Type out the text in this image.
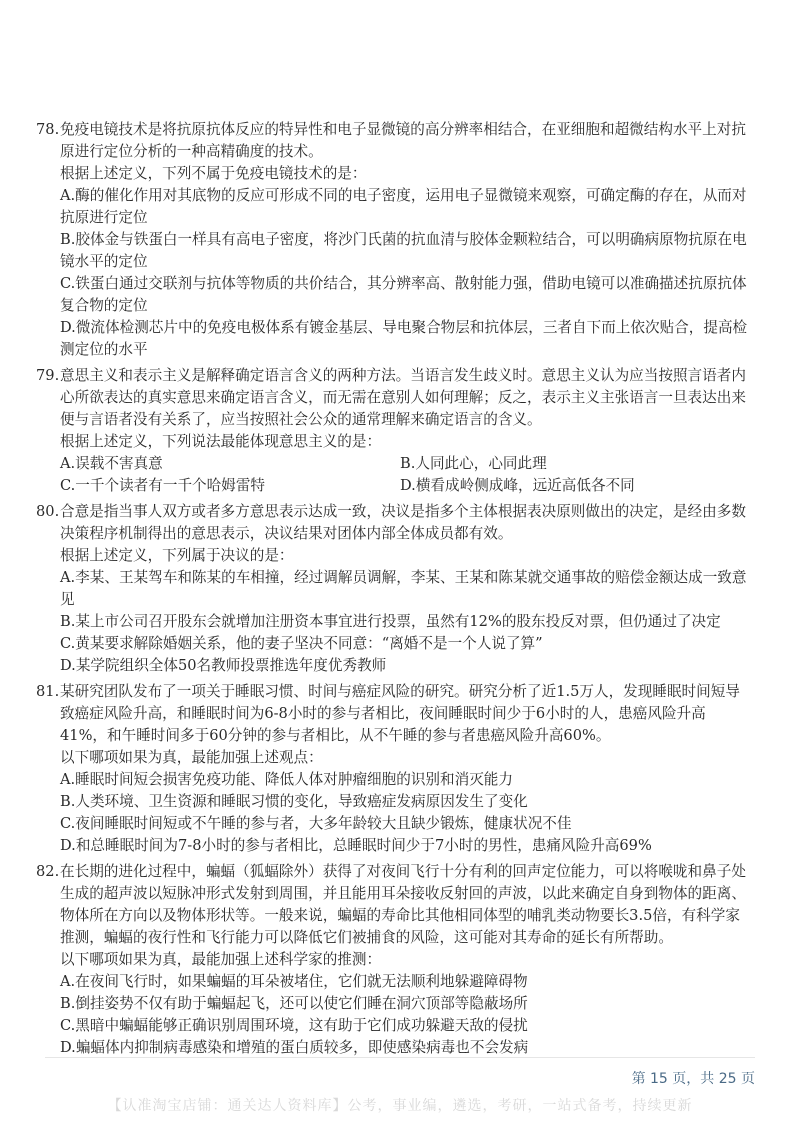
78. 免疫电镜技术是将抗原抗体反应的特异性和电子显微镜的高分辨率相结合，在亚细胞和超微结构水平上对抗原进行定位分析的一种高精确度的技术。
根据上述定义，下列不属于免疫电镜技术的是：
A.酶的催化作用对其底物的反应可形成不同的电子密度，运用电子显微镜来观察，可确定酶的存在，从而对抗原进行定位
B.胶体金与铁蛋白一样具有高电子密度，将沙门氏菌的抗血清与胶体金颗粒结合，可以明确病原物抗原在电镜水平的定位
C.铁蛋白通过交联剂与抗体等物质的共价结合，其分辨率高、散射能力强，借助电镜可以准确描述抗原抗体复合物的定位
D.微流体检测芯片中的免疫电极体系有镀金基层、导电聚合物层和抗体层，三者自下而上依次贴合，提高检测定位的水平
79. 意思主义和表示主义是解释确定语言含义的两种方法。当语言发生歧义时。意思主义认为应当按照言语者内心所欲表达的真实意思来确定语言含义，而无需在意别人如何理解；反之，表示主义主张语言一旦表达出来便与言语者没有关系了，应当按照社会公众的通常理解来确定语言的含义。
根据上述定义，下列说法最能体现意思主义的是：
A.误载不害真意	B.人同此心，心同此理
C.一千个读者有一千个哈姆雷特	D.横看成岭侧成峰，远近高低各不同
80. 合意是指当事人双方或者多方意思表示达成一致，决议是指多个主体根据表决原则做出的决定，是经由多数决策程序机制得出的意思表示，决议结果对团体内部全体成员都有效。
根据上述定义，下列属于决议的是：
A.李某、王某驾车和陈某的车相撞，经过调解员调解，李某、王某和陈某就交通事故的赔偿金额达成一致意见
B.某上市公司召开股东会就增加注册资本事宜进行投票，虽然有12%的股东投反对票，但仍通过了决定
C.黄某要求解除婚姻关系，他的妻子坚决不同意：“离婚不是一个人说了算”
D.某学院组织全体50名教师投票推选年度优秀教师
81. 某研究团队发布了一项关于睡眠习惯、时间与癌症风险的研究。研究分析了近1.5万人，发现睡眠时间短导致癌症风险升高，和睡眠时间为6-8小时的参与者相比，夜间睡眠时间少于6小时的人，患癌风险升高41%，和午睡时间多于60分钟的参与者相比，从不午睡的参与者患癌风险升高60%。
以下哪项如果为真，最能加强上述观点：
A.睡眠时间短会损害免疫功能、降低人体对肿瘤细胞的识别和消灭能力
B.人类环境、卫生资源和睡眠习惯的变化，导致癌症发病原因发生了变化
C.夜间睡眠时间短或不午睡的参与者，大多年龄较大且缺少锻炼，健康状况不佳
D.和总睡眠时间为7-8小时的参与者相比，总睡眠时间少于7小时的男性，患痛风险升高69%
82. 在长期的进化过程中，蝙蝠（狐蝠除外）获得了对夜间飞行十分有利的回声定位能力，可以将喉咙和鼻子处生成的超声波以短脉冲形式发射到周围，并且能用耳朵接收反射回的声波，以此来确定自身到物体的距离、物体所在方向以及物体形状等。一般来说，蝙蝠的寿命比其他相同体型的哺乳类动物要长3.5倍，有科学家推测，蝙蝠的夜行性和飞行能力可以降低它们被捕食的风险，这可能对其寿命的延长有所帮助。
以下哪项如果为真，最能加强上述科学家的推测：
A.在夜间飞行时，如果蝙蝠的耳朵被堵住，它们就无法顺利地躲避障碍物
B.倒挂姿势不仅有助于蝙蝠起飞，还可以使它们睡在洞穴顶部等隐蔽场所
C.黑暗中蝙蝠能够正确识别周围环境，这有助于它们成功躲避天敌的侵扰
D.蝙蝠体内抑制病毒感染和增殖的蛋白质较多，即使感染病毒也不会发病
第 15 页，共 25 页
【认准淘宝店铺：通关达人资料库】公考，事业编，遴选，考研，一站式备考，持续更新
